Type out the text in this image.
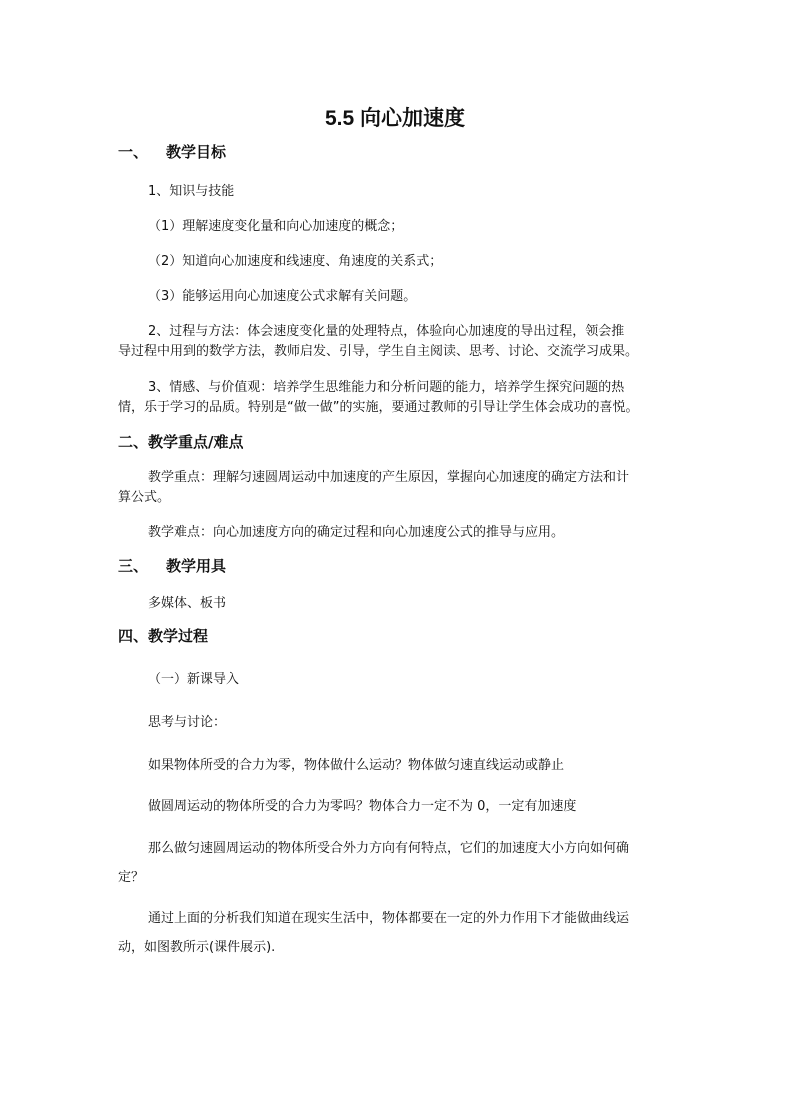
5.5 向心加速度
一、 教学目标
1、知识与技能
（1）理解速度变化量和向心加速度的概念；
（2）知道向心加速度和线速度、角速度的关系式；
（3）能够运用向心加速度公式求解有关问题。
2、过程与方法：体会速度变化量的处理特点，体验向心加速度的导出过程，领会推
导过程中用到的数学方法，教师启发、引导，学生自主阅读、思考、讨论、交流学习成果。
3、情感、与价值观：培养学生思维能力和分析问题的能力，培养学生探究问题的热
情，乐于学习的品质。特别是“做一做”的实施，要通过教师的引导让学生体会成功的喜悦。
二、教学重点/难点
教学重点：理解匀速圆周运动中加速度的产生原因，掌握向心加速度的确定方法和计
算公式。
教学难点：向心加速度方向的确定过程和向心加速度公式的推导与应用。
三、 教学用具
多媒体、板书
四、教学过程
（一）新课导入
思考与讨论：
如果物体所受的合力为零，物体做什么运动？物体做匀速直线运动或静止
做圆周运动的物体所受的合力为零吗？物体合力一定不为 0，一定有加速度
那么做匀速圆周运动的物体所受合外力方向有何特点，它们的加速度大小方向如何确
定？
通过上面的分析我们知道在现实生活中，物体都要在一定的外力作用下才能做曲线运
动，如图教所示(课件展示).
